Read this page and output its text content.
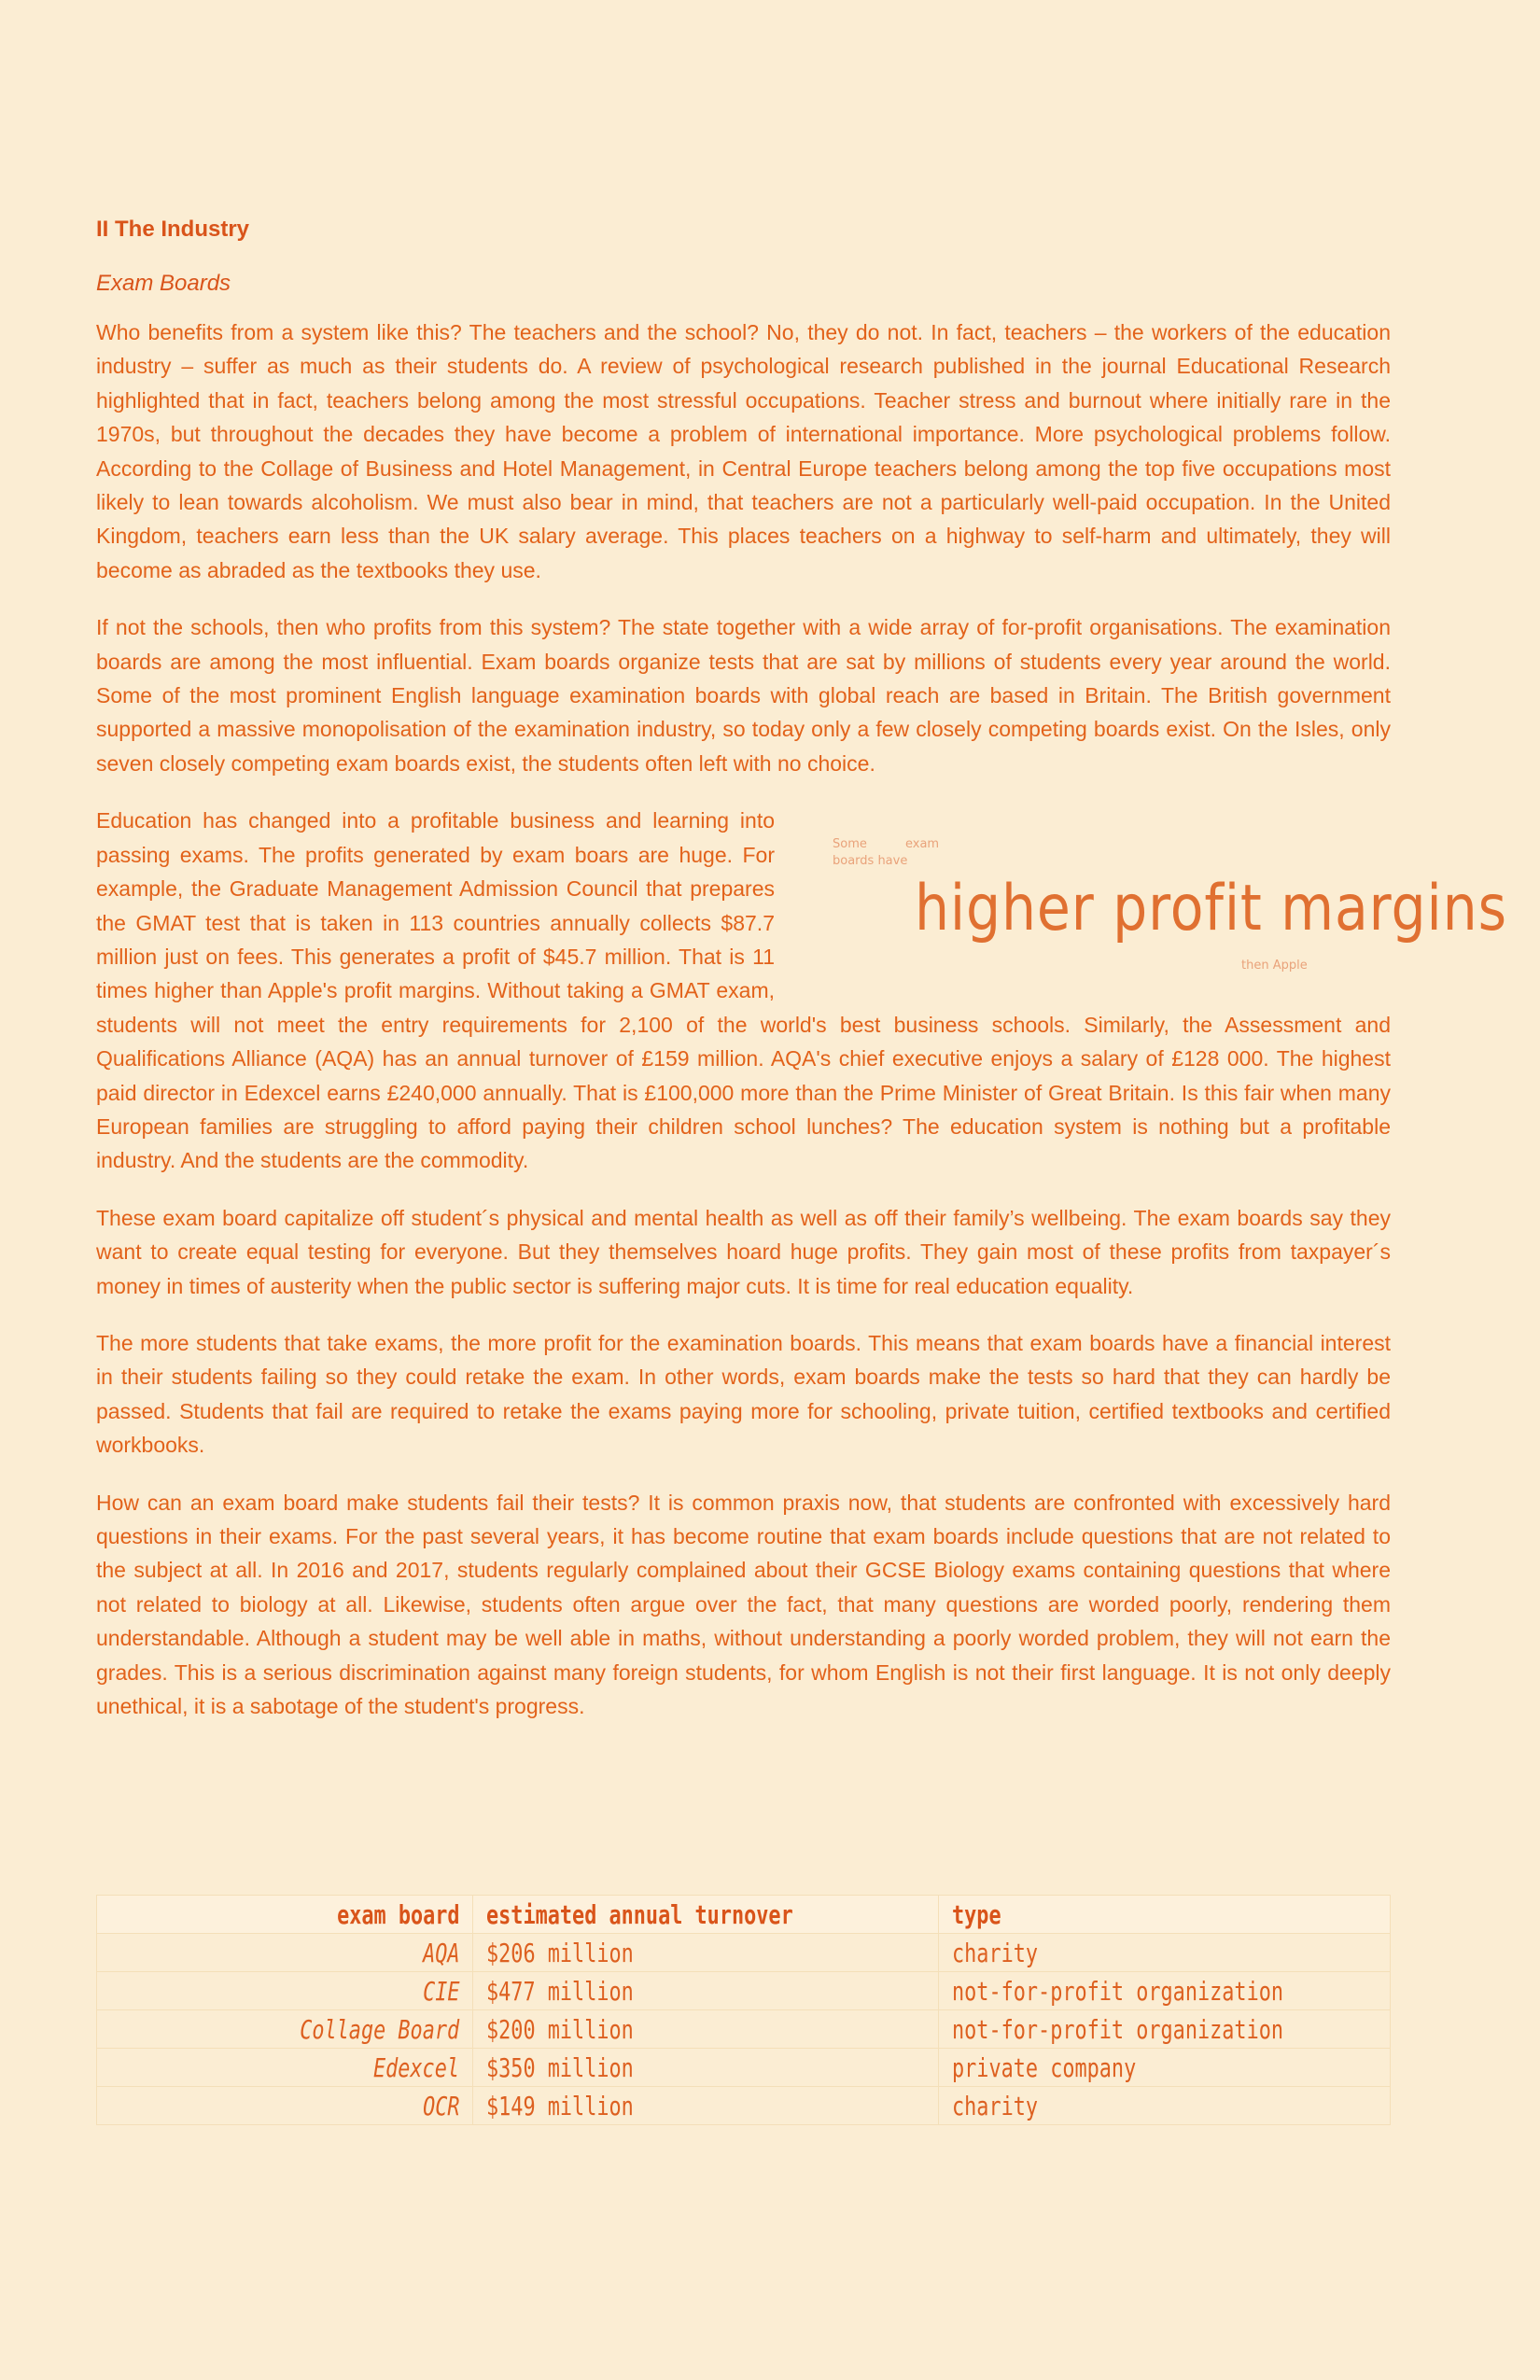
II The Industry
Exam Boards

Who benefits from a system like this? The teachers and the school? No, they do not. In fact, teachers – the workers of the education industry – suffer as much as their students do. A review of psychological research published in the journal Educational Research highlighted that in fact, teachers belong among the most stressful occupations. Teacher stress and burnout where initially rare in the 1970s, but throughout the decades they have become a problem of international importance. More psychological problems follow. According to the Collage of Business and Hotel Management, in Central Europe teachers belong among the top five occupations most likely to lean towards alcoholism. We must also bear in mind, that teachers are not a particularly well-paid occupation. In the United Kingdom, teachers earn less than the UK salary average. This places teachers on a highway to self-harm and ultimately, they will become as abraded as the textbooks they use.

If not the schools, then who profits from this system? The state together with a wide array of for-profit organisations. The examination boards are among the most influential. Exam boards organize tests that are sat by millions of students every year around the world. Some of the most prominent English language examination boards with global reach are based in Britain. The British government supported a massive monopolisation of the examination industry, so today only a few closely competing boards exist. On the Isles, only seven closely competing exam boards exist, the students often left with no choice.

Some	exam
boards have
higher profit margins
then Apple

Education has changed into a profitable business and learning into passing exams. The profits generated by exam boars are huge. For example, the Graduate Management Admission Council that prepares the GMAT test that is taken in 113 countries annually collects $87.7 million just on fees. This generates a profit of $45.7 million. That is 11 times higher than Apple's profit margins. Without taking a GMAT exam, students will not meet the entry requirements for 2,100 of the world's best business schools. Similarly, the Assessment and Qualifications Alliance (AQA) has an annual turnover of £159 million. AQA's chief executive enjoys a salary of £128 000. The highest paid director in Edexcel earns £240,000 annually. That is £100,000 more than the Prime Minister of Great Britain. Is this fair when many European families are struggling to afford paying their children school lunches? The education system is nothing but a profitable industry. And the students are the commodity.

These exam board capitalize off student´s physical and mental health as well as off their family’s wellbeing. The exam boards say they want to create equal testing for everyone. But they themselves hoard huge profits. They gain most of these profits from taxpayer´s money in times of austerity when the public sector is suffering major cuts. It is time for real education equality.

The more students that take exams, the more profit for the examination boards. This means that exam boards have a financial interest in their students failing so they could retake the exam. In other words, exam boards make the tests so hard that they can hardly be passed. Students that fail are required to retake the exams paying more for schooling, private tuition, certified textbooks and certified workbooks.

How can an exam board make students fail their tests? It is common praxis now, that students are confronted with excessively hard questions in their exams. For the past several years, it has become routine that exam boards include questions that are not related to the subject at all. In 2016 and 2017, students regularly complained about their GCSE Biology exams containing questions that where not related to biology at all. Likewise, students often argue over the fact, that many questions are worded poorly, rendering them understandable. Although a student may be well able in maths, without understanding a poorly worded problem, they will not earn the grades. This is a serious discrimination against many foreign students, for whom English is not their first language. It is not only deeply unethical, it is a sabotage of the student's progress.

exam board	estimated annual turnover	type
AQA	$206 million	charity
CIE	$477 million	not-for-profit organization
Collage Board	$200 million	not-for-profit organization
Edexcel	$350 million	private company
OCR	$149 million	charity
